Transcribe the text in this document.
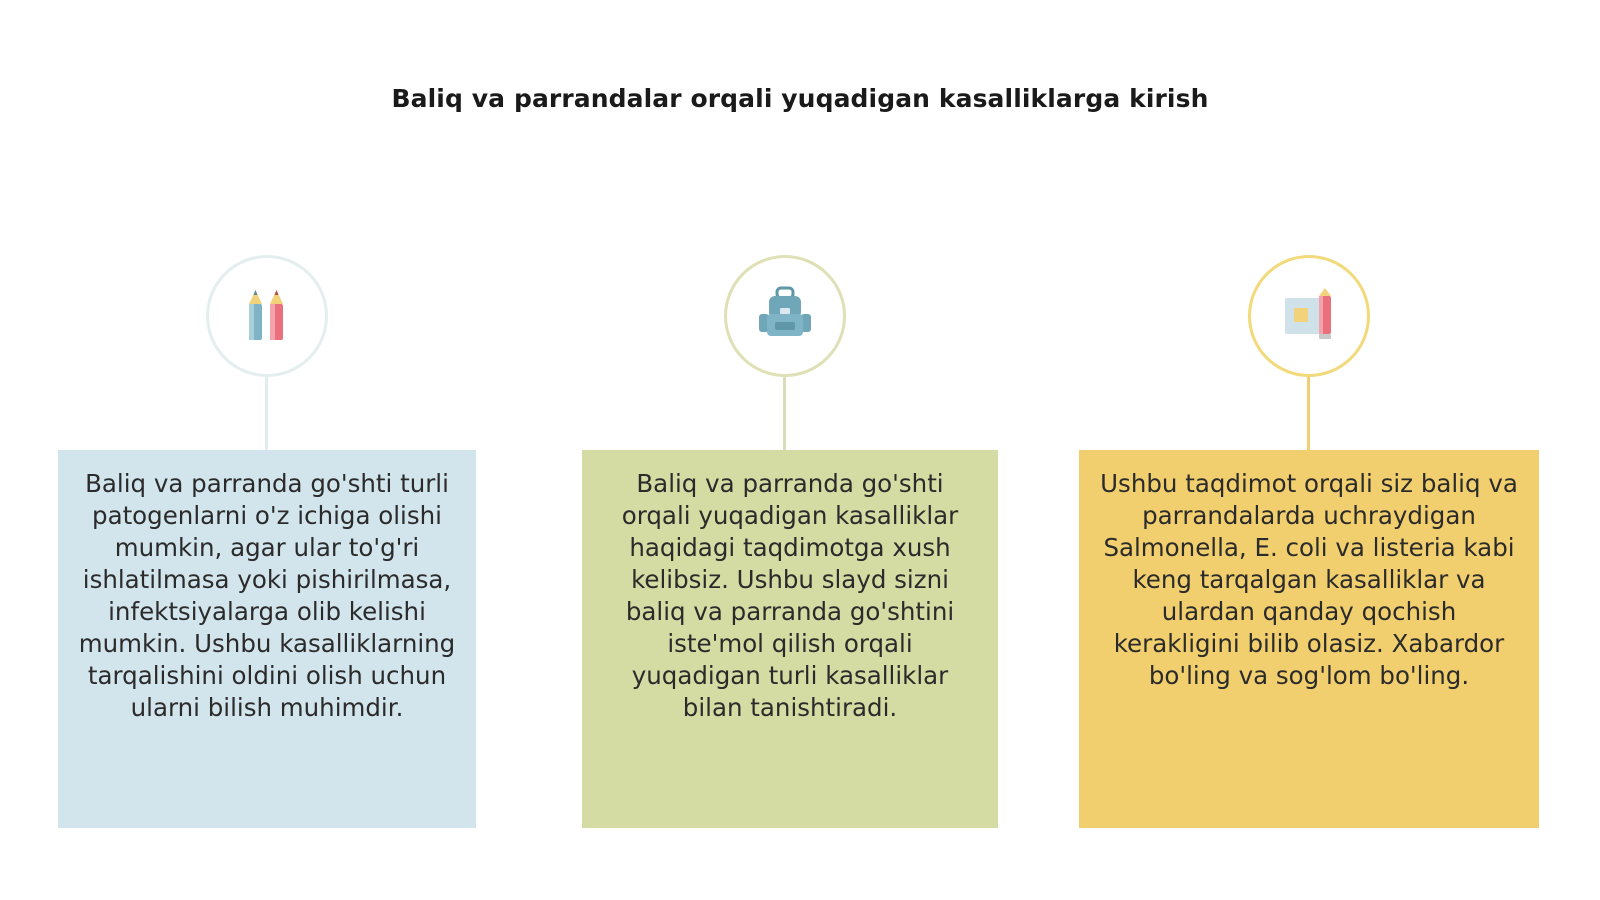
Baliq va parrandalar orqali yuqadigan kasalliklarga kirish
Baliq va parranda go'shti turli patogenlarni o'z ichiga olishi mumkin, agar ular to'g'ri ishlatilmasa yoki pishirilmasa, infektsiyalarga olib kelishi mumkin. Ushbu kasalliklarning tarqalishini oldini olish uchun ularni bilish muhimdir.
Baliq va parranda go'shti orqali yuqadigan kasalliklar haqidagi taqdimotga xush kelibsiz. Ushbu slayd sizni baliq va parranda go'shtini iste'mol qilish orqali yuqadigan turli kasalliklar bilan tanishtiradi.
Ushbu taqdimot orqali siz baliq va parrandalarda uchraydigan Salmonella, E. coli va listeria kabi keng tarqalgan kasalliklar va ulardan qanday qochish kerakligini bilib olasiz. Xabardor bo'ling va sog'lom bo'ling.
